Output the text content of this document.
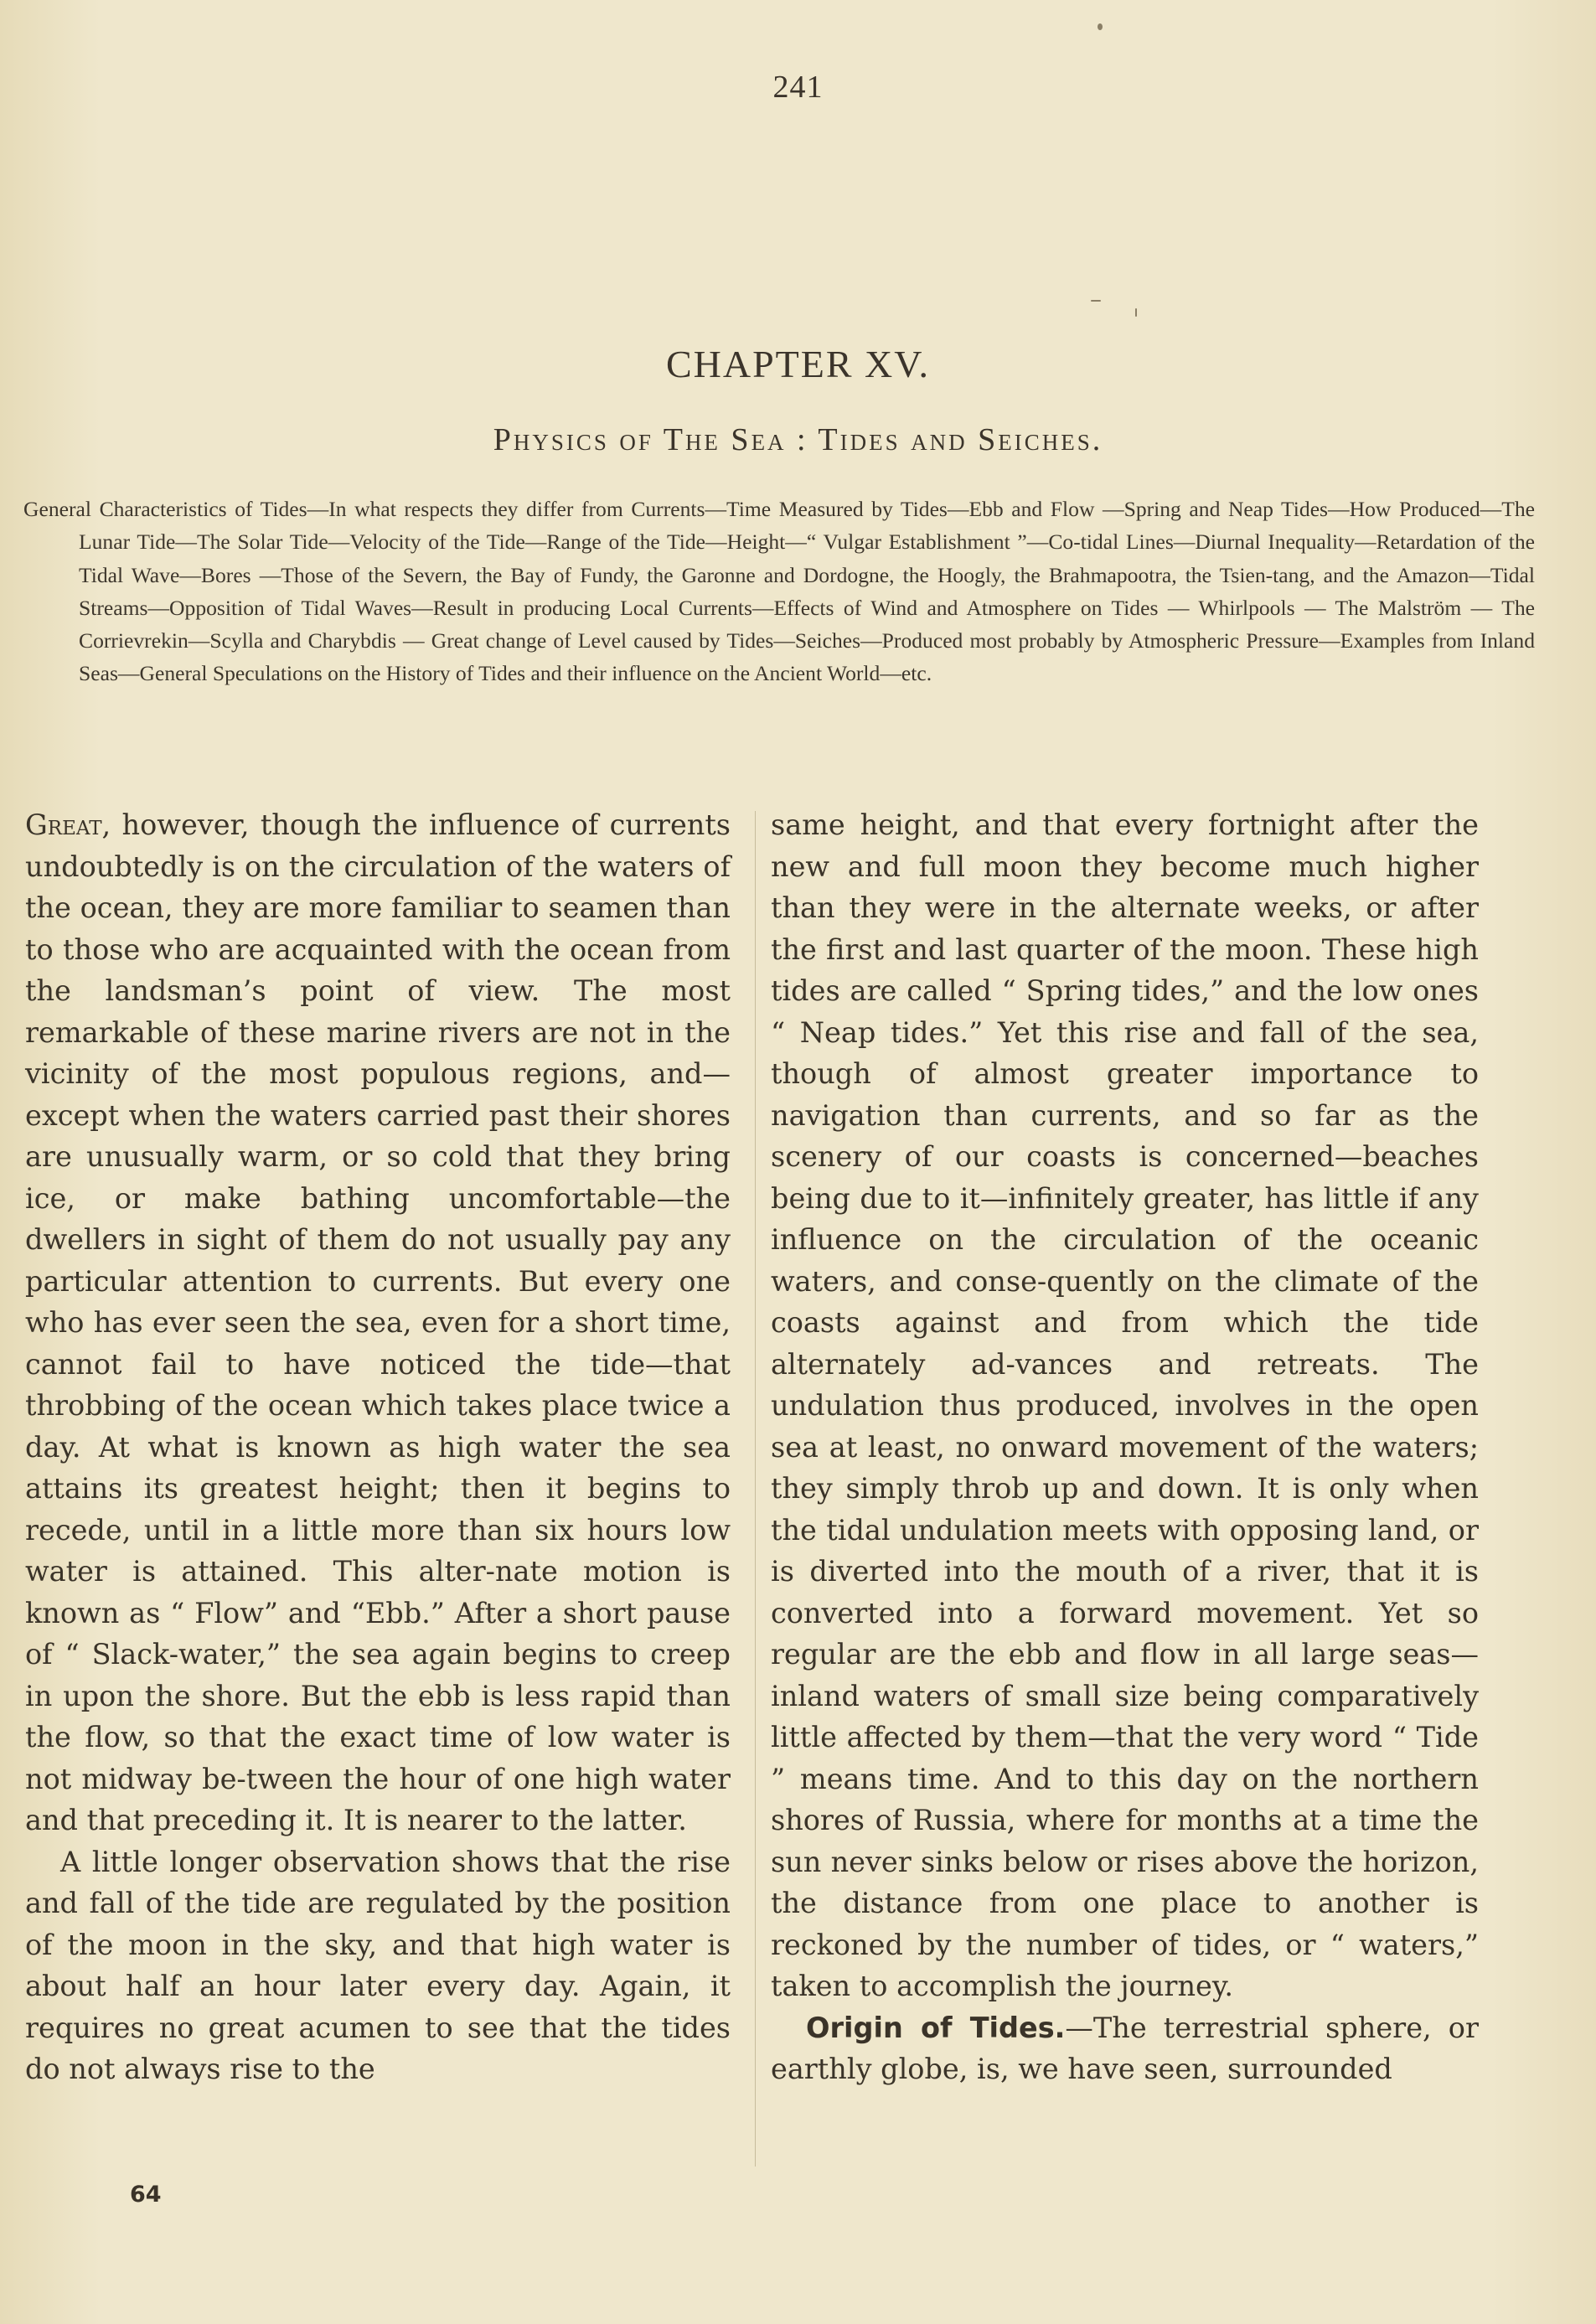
241
CHAPTER XV.
Physics of The Sea : Tides and Seiches.
General Characteristics of Tides—In what respects they differ from Currents—Time Measured by Tides—Ebb and Flow —Spring and Neap Tides—How Produced—The Lunar Tide—The Solar Tide—Velocity of the Tide—Range of the Tide—Height—“ Vulgar Establishment ”—Co-tidal Lines—Diurnal Inequality—Retardation of the Tidal Wave—Bores —Those of the Severn, the Bay of Fundy, the Garonne and Dordogne, the Hoogly, the Brahmapootra, the Tsien-tang, and the Amazon—Tidal Streams—Opposition of Tidal Waves—Result in producing Local Currents—Effects of Wind and Atmosphere on Tides — Whirlpools — The Malström — The Corrievrekin—Scylla and Charybdis — Great change of Level caused by Tides—Seiches—Produced most probably by Atmospheric Pressure—Examples from Inland Seas—General Speculations on the History of Tides and their influence on the Ancient World—etc.

Great, however, though the influence of currents undoubtedly is on the circulation of the waters of the ocean, they are more familiar to seamen than to those who are acquainted with the ocean from the landsman’s point of view. The most remarkable of these marine rivers are not in the vicinity of the most populous regions, and—except when the waters carried past their shores are unusually warm, or so cold that they bring ice, or make bathing uncomfortable—the dwellers in sight of them do not usually pay any particular attention to currents. But every one who has ever seen the sea, even for a short time, cannot fail to have noticed the tide—that throbbing of the ocean which takes place twice a day. At what is known as high water the sea attains its greatest height; then it begins to recede, until in a little more than six hours low water is attained. This alter-nate motion is known as “ Flow” and “Ebb.” After a short pause of “ Slack-water,” the sea again begins to creep in upon the shore. But the ebb is less rapid than the flow, so that the exact time of low water is not midway be-tween the hour of one high water and that preceding it. It is nearer to the latter.

A little longer observation shows that the rise and fall of the tide are regulated by the position of the moon in the sky, and that high water is about half an hour later every day. Again, it requires no great acumen to see that the tides do not always rise to the

same height, and that every fortnight after the new and full moon they become much higher than they were in the alternate weeks, or after the first and last quarter of the moon. These high tides are called “ Spring tides,” and the low ones “ Neap tides.” Yet this rise and fall of the sea, though of almost greater importance to navigation than currents, and so far as the scenery of our coasts is concerned—beaches being due to it—infinitely greater, has little if any influence on the circulation of the oceanic waters, and conse-quently on the climate of the coasts against and from which the tide alternately ad-vances and retreats. The undulation thus produced, involves in the open sea at least, no onward movement of the waters; they simply throb up and down. It is only when the tidal undulation meets with opposing land, or is diverted into the mouth of a river, that it is converted into a forward movement. Yet so regular are the ebb and flow in all large seas—inland waters of small size being comparatively little affected by them—that the very word “ Tide ” means time. And to this day on the northern shores of Russia, where for months at a time the sun never sinks below or rises above the horizon, the distance from one place to another is reckoned by the number of tides, or “ waters,” taken to accomplish the journey.

Origin of Tides.—The terrestrial sphere, or earthly globe, is, we have seen, surrounded

64
